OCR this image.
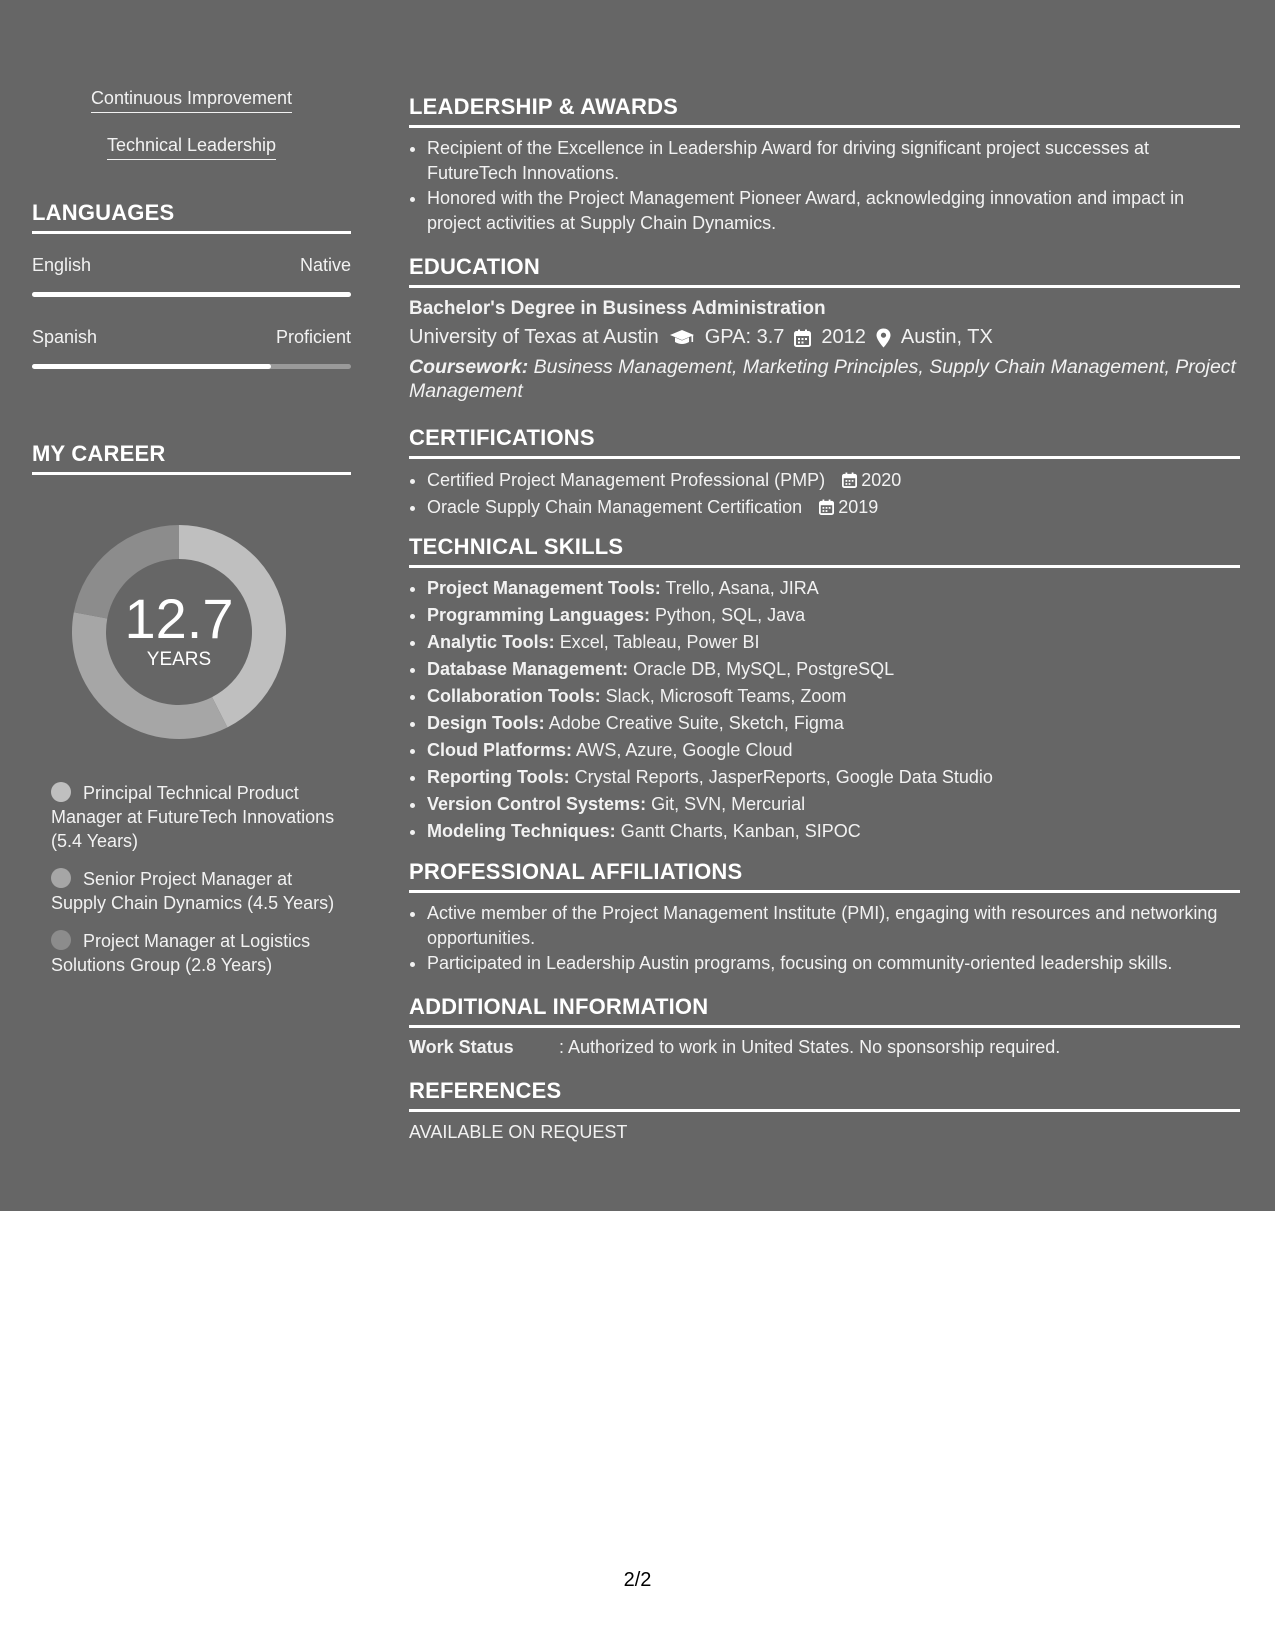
Continuous Improvement
Technical Leadership
LANGUAGES
English	Native
Spanish	Proficient
MY CAREER
12.7
YEARS
Principal Technical Product Manager at FutureTech Innovations (5.4 Years)
Senior Project Manager at Supply Chain Dynamics (4.5 Years)
Project Manager at Logistics Solutions Group (2.8 Years)
LEADERSHIP & AWARDS
• Recipient of the Excellence in Leadership Award for driving significant project successes at FutureTech Innovations.
• Honored with the Project Management Pioneer Award, acknowledging innovation and impact in project activities at Supply Chain Dynamics.
EDUCATION
Bachelor's Degree in Business Administration
University of Texas at Austin GPA: 3.7 2012 Austin, TX
Coursework: Business Management, Marketing Principles, Supply Chain Management, Project Management
CERTIFICATIONS
• Certified Project Management Professional (PMP) 2020
• Oracle Supply Chain Management Certification 2019
TECHNICAL SKILLS
• Project Management Tools: Trello, Asana, JIRA
• Programming Languages: Python, SQL, Java
• Analytic Tools: Excel, Tableau, Power BI
• Database Management: Oracle DB, MySQL, PostgreSQL
• Collaboration Tools: Slack, Microsoft Teams, Zoom
• Design Tools: Adobe Creative Suite, Sketch, Figma
• Cloud Platforms: AWS, Azure, Google Cloud
• Reporting Tools: Crystal Reports, JasperReports, Google Data Studio
• Version Control Systems: Git, SVN, Mercurial
• Modeling Techniques: Gantt Charts, Kanban, SIPOC
PROFESSIONAL AFFILIATIONS
• Active member of the Project Management Institute (PMI), engaging with resources and networking opportunities.
• Participated in Leadership Austin programs, focusing on community-oriented leadership skills.
ADDITIONAL INFORMATION
Work Status	: Authorized to work in United States. No sponsorship required.
REFERENCES
AVAILABLE ON REQUEST
2/2
